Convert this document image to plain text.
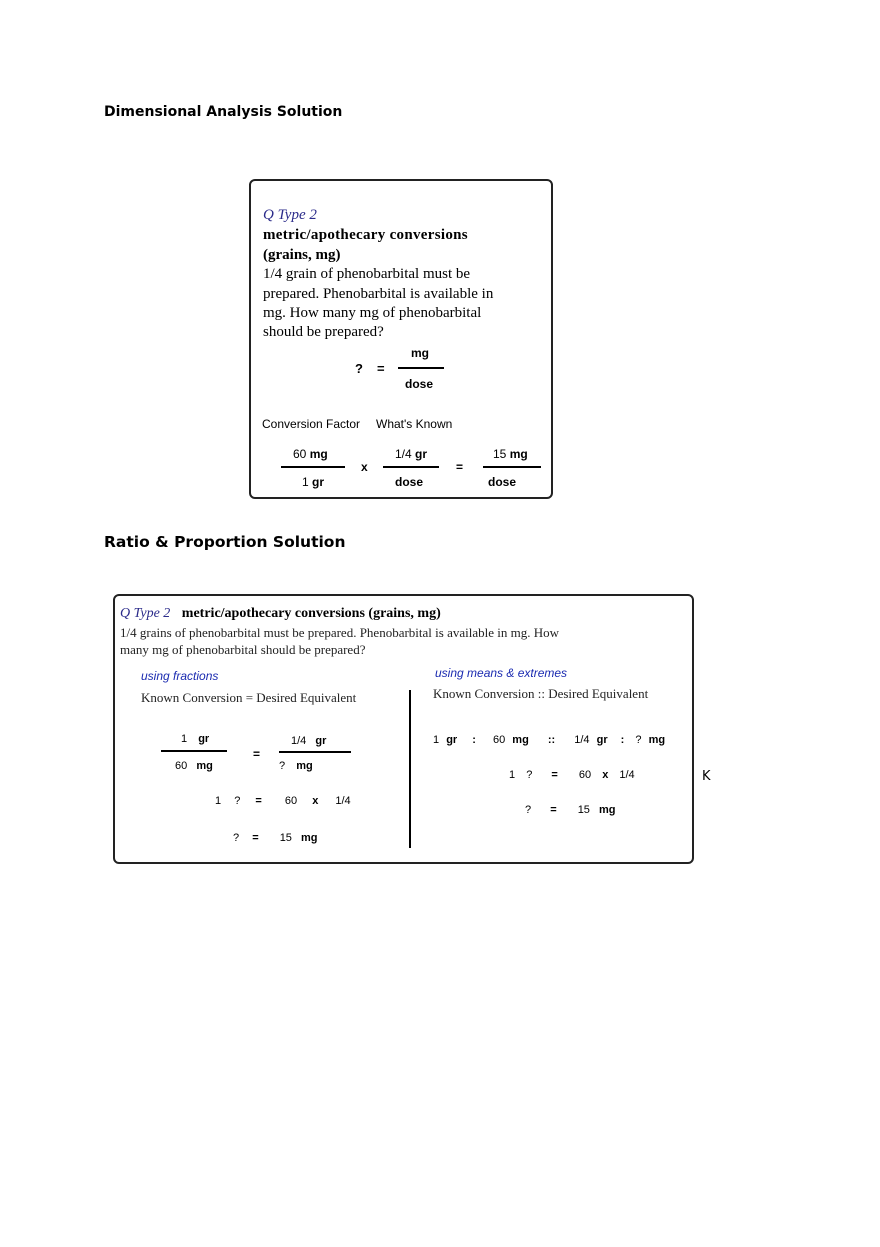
Dimensional Analysis Solution
Q Type 2
metric/apothecary conversions
(grains, mg)
1/4 grain of phenobarbital must be
prepared. Phenobarbital is available in
mg. How many mg of phenobarbital
should be prepared?
? =
mg
dose
Conversion Factor What's Known
60 mg
1 gr
x
1/4 gr
dose
=
15 mg
dose
Ratio & Proportion Solution
Q Type 2 metric/apothecary conversions (grains, mg)
1/4 grains of phenobarbital must be prepared. Phenobarbital is available in mg. How
many mg of phenobarbital should be prepared?
using fractions
Known Conversion = Desired Equivalent
1 gr
60 mg
=
1/4 gr
? mg
1 ? = 60 x 1/4
? = 15 mg
using means & extremes
Known Conversion :: Desired Equivalent
1 gr : 60 mg :: 1/4 gr : ? mg
1 ? = 60 x 1/4
? = 15 mg
K
